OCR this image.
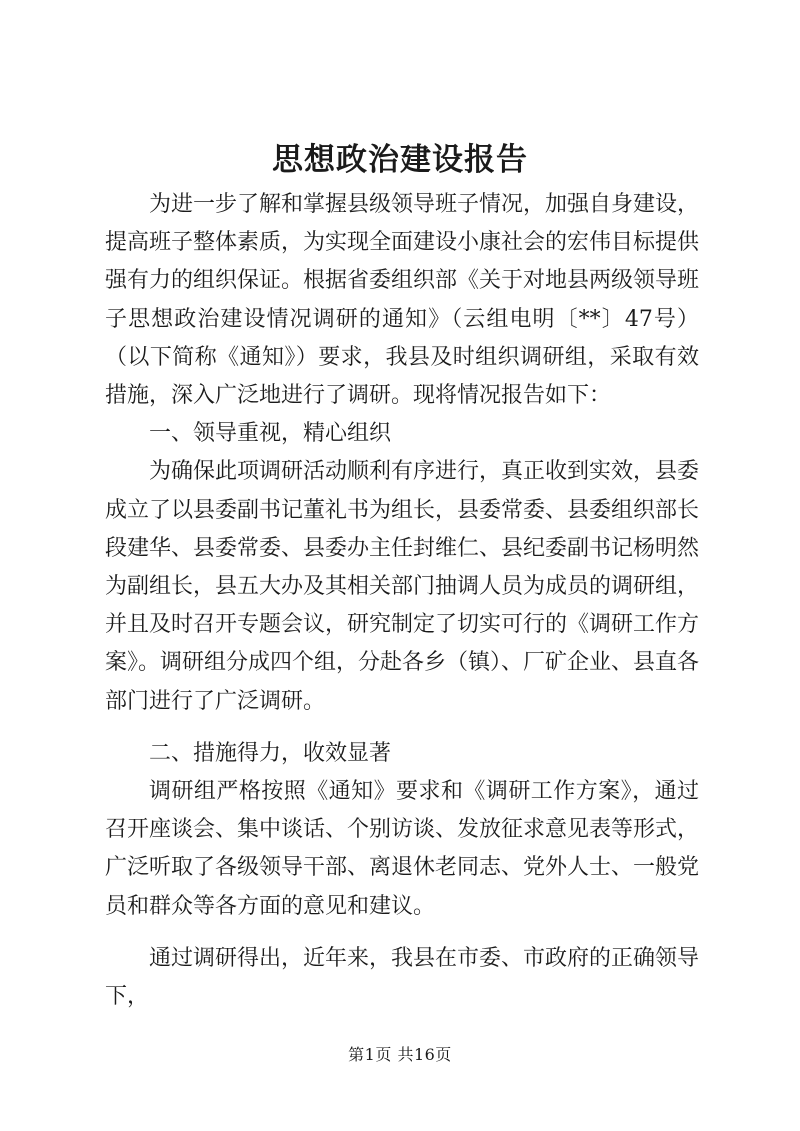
思想政治建设报告

为进一步了解和掌握县级领导班子情况，加强自身建设，提高班子整体素质，为实现全面建设小康社会的宏伟目标提供强有力的组织保证。根据省委组织部《关于对地县两级领导班子思想政治建设情况调研的通知》（云组电明〔**〕47号）（以下简称《通知》）要求，我县及时组织调研组，采取有效措施，深入广泛地进行了调研。现将情况报告如下：

一、领导重视，精心组织

为确保此项调研活动顺利有序进行，真正收到实效，县委成立了以县委副书记董礼书为组长，县委常委、县委组织部长段建华、县委常委、县委办主任封维仁、县纪委副书记杨明然为副组长，县五大办及其相关部门抽调人员为成员的调研组，并且及时召开专题会议，研究制定了切实可行的《调研工作方案》。调研组分成四个组，分赴各乡（镇）、厂矿企业、县直各部门进行了广泛调研。

二、措施得力，收效显著

调研组严格按照《通知》要求和《调研工作方案》，通过召开座谈会、集中谈话、个别访谈、发放征求意见表等形式，广泛听取了各级领导干部、离退休老同志、党外人士、一般党员和群众等各方面的意见和建议。

通过调研得出，近年来，我县在市委、市政府的正确领导下，

第1页 共16页
